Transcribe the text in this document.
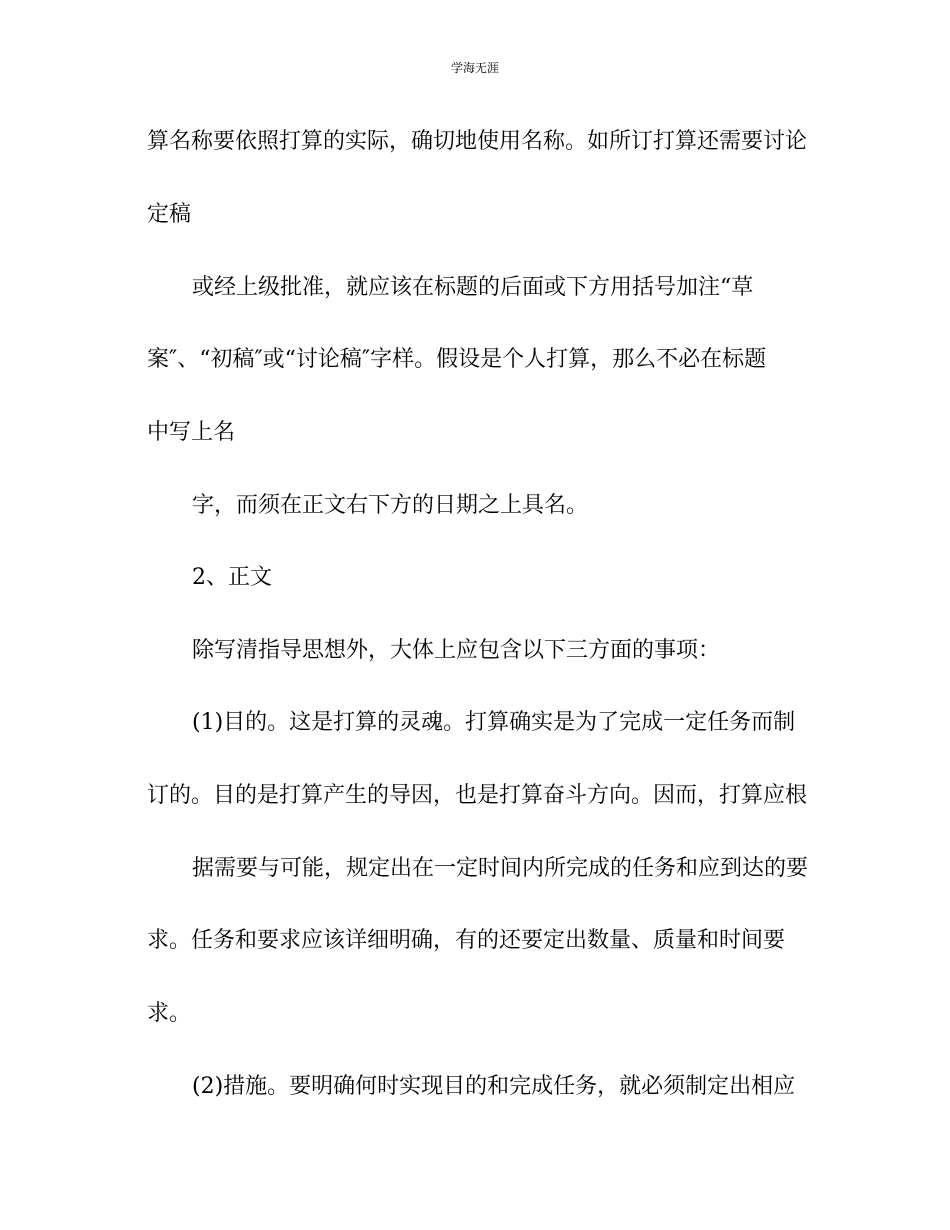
学海无涯
算名称要依照打算的实际，确切地使用名称。如所订打算还需要讨论
定稿
或经上级批准，就应该在标题的后面或下方用括号加注“草
案″、“初稿″或“讨论稿″字样。假设是个人打算，那么不必在标题
中写上名
字，而须在正文右下方的日期之上具名。
2、正文
除写清指导思想外，大体上应包含以下三方面的事项：
(1)目的。这是打算的灵魂。打算确实是为了完成一定任务而制
订的。目的是打算产生的导因，也是打算奋斗方向。因而，打算应根
据需要与可能，规定出在一定时间内所完成的任务和应到达的要
求。任务和要求应该详细明确，有的还要定出数量、质量和时间要
求。
(2)措施。要明确何时实现目的和完成任务，就必须制定出相应
